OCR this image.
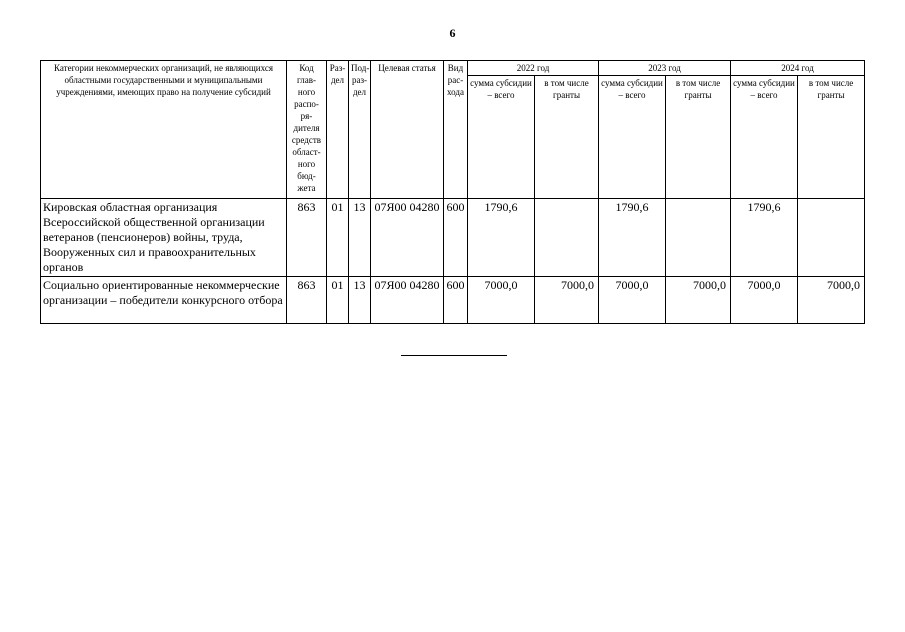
6
Категории некоммерческих организаций, не являющихся областными государственными и муниципальными учреждениями, имеющих право на получение субсидий	Код глав-ного распо-ря-дителя средств област-ного бюд-жета	Раз-дел	Под-раз-дел	Целевая статья	Вид рас-хода	2022 год		2023 год		2024 год	
						сумма субсидии – всего	в том числе гранты	сумма субсидии – всего	в том числе гранты	сумма субсидии – всего	в том числе гранты
Кировская областная организация Всероссийской общественной организации ветеранов (пенсионеров) войны, труда, Вооруженных сил и правоохранительных органов	863	01	13	07Я00 04280	600	1790,6		1790,6		1790,6	
Социально ориентированные некоммерческие организации – победители конкурсного отбора	863	01	13	07Я00 04280	600	7000,0	7000,0	7000,0	7000,0	7000,0	7000,0
